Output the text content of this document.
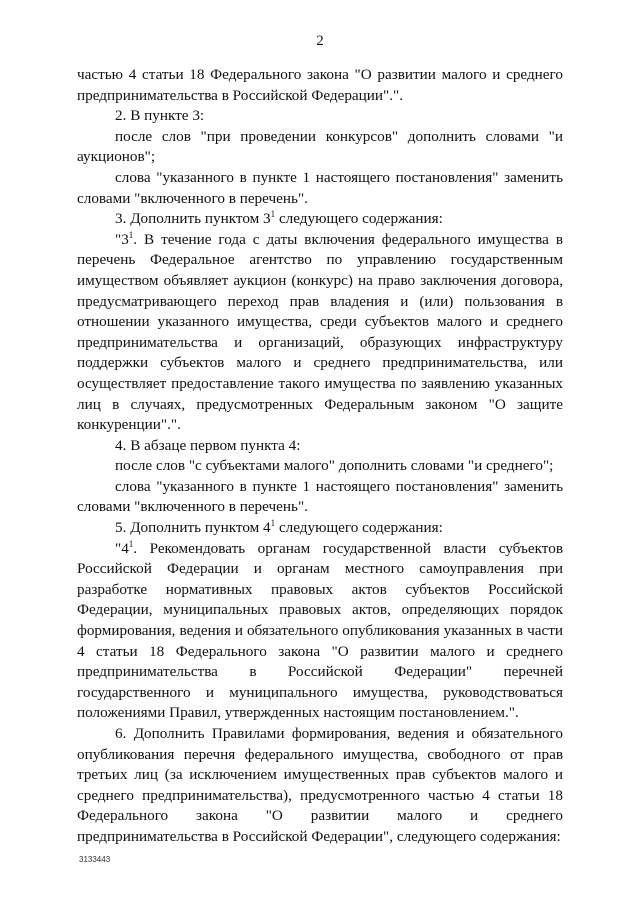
2

частью 4 статьи 18 Федерального закона "О развитии малого и среднего предпринимательства в Российской Федерации".".

2. В пункте 3:

после слов "при проведении конкурсов" дополнить словами "и аукционов";

слова "указанного в пункте 1 настоящего постановления" заменить словами "включенного в перечень".

3. Дополнить пунктом $3^1$ следующего содержания:

"$3^1$. В течение года с даты включения федерального имущества в перечень Федеральное агентство по управлению государственным имуществом объявляет аукцион (конкурс) на право заключения договора, предусматривающего переход прав владения и (или) пользования в отношении указанного имущества, среди субъектов малого и среднего предпринимательства и организаций, образующих инфраструктуру поддержки субъектов малого и среднего предпринимательства, или осуществляет предоставление такого имущества по заявлению указанных лиц в случаях, предусмотренных Федеральным законом "О защите конкуренции".".

4. В абзаце первом пункта 4:

после слов "с субъектами малого" дополнить словами "и среднего";

слова "указанного в пункте 1 настоящего постановления" заменить словами "включенного в перечень".

5. Дополнить пунктом $4^1$ следующего содержания:

"$4^1$. Рекомендовать органам государственной власти субъектов Российской Федерации и органам местного самоуправления при разработке нормативных правовых актов субъектов Российской Федерации, муниципальных правовых актов, определяющих порядок формирования, ведения и обязательного опубликования указанных в части 4 статьи 18 Федерального закона "О развитии малого и среднего предпринимательства в Российской Федерации" перечней государственного и муниципального имущества, руководствоваться положениями Правил, утвержденных настоящим постановлением.".

6. Дополнить Правилами формирования, ведения и обязательного опубликования перечня федерального имущества, свободного от прав третьих лиц (за исключением имущественных прав субъектов малого и среднего предпринимательства), предусмотренного частью 4 статьи 18 Федерального закона "О развитии малого и среднего предпринимательства в Российской Федерации", следующего содержания:

3133443
